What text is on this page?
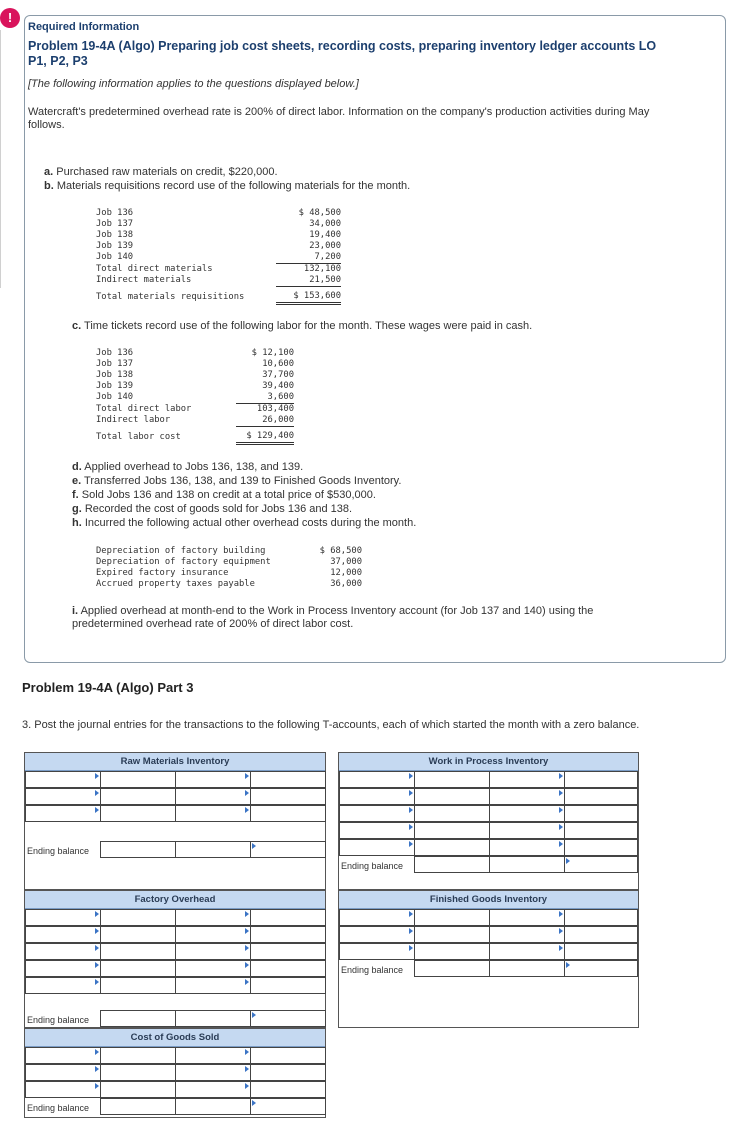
!
Required Information
Problem 19-4A (Algo) Preparing job cost sheets, recording costs, preparing inventory ledger accounts LO P1, P2, P3
[The following information applies to the questions displayed below.]
Watercraft's predetermined overhead rate is 200% of direct labor. Information on the company's production activities during May follows.
a. Purchased raw materials on credit, $220,000.
b. Materials requisitions record use of the following materials for the month.
Job 136	$ 48,500
Job 137	34,000
Job 138	19,400
Job 139	23,000
Job 140	7,200
Total direct materials	132,100
Indirect materials	21,500
Total materials requisitions	$ 153,600
c. Time tickets record use of the following labor for the month. These wages were paid in cash.
Job 136	$ 12,100
Job 137	10,600
Job 138	37,700
Job 139	39,400
Job 140	3,600
Total direct labor	103,400
Indirect labor	26,000
Total labor cost	$ 129,400
d. Applied overhead to Jobs 136, 138, and 139.
e. Transferred Jobs 136, 138, and 139 to Finished Goods Inventory.
f. Sold Jobs 136 and 138 on credit at a total price of $530,000.
g. Recorded the cost of goods sold for Jobs 136 and 138.
h. Incurred the following actual other overhead costs during the month.
Depreciation of factory building	$ 68,500
Depreciation of factory equipment	37,000
Expired factory insurance	12,000
Accrued property taxes payable	36,000
i. Applied overhead at month-end to the Work in Process Inventory account (for Job 137 and 140) using the predetermined overhead rate of 200% of direct labor cost.
Problem 19-4A (Algo) Part 3
3. Post the journal entries for the transactions to the following T-accounts, each of which started the month with a zero balance.
Raw Materials Inventory
Ending balance
Work in Process Inventory
Ending balance
Factory Overhead
Ending balance
Finished Goods Inventory
Ending balance
Cost of Goods Sold
Ending balance
